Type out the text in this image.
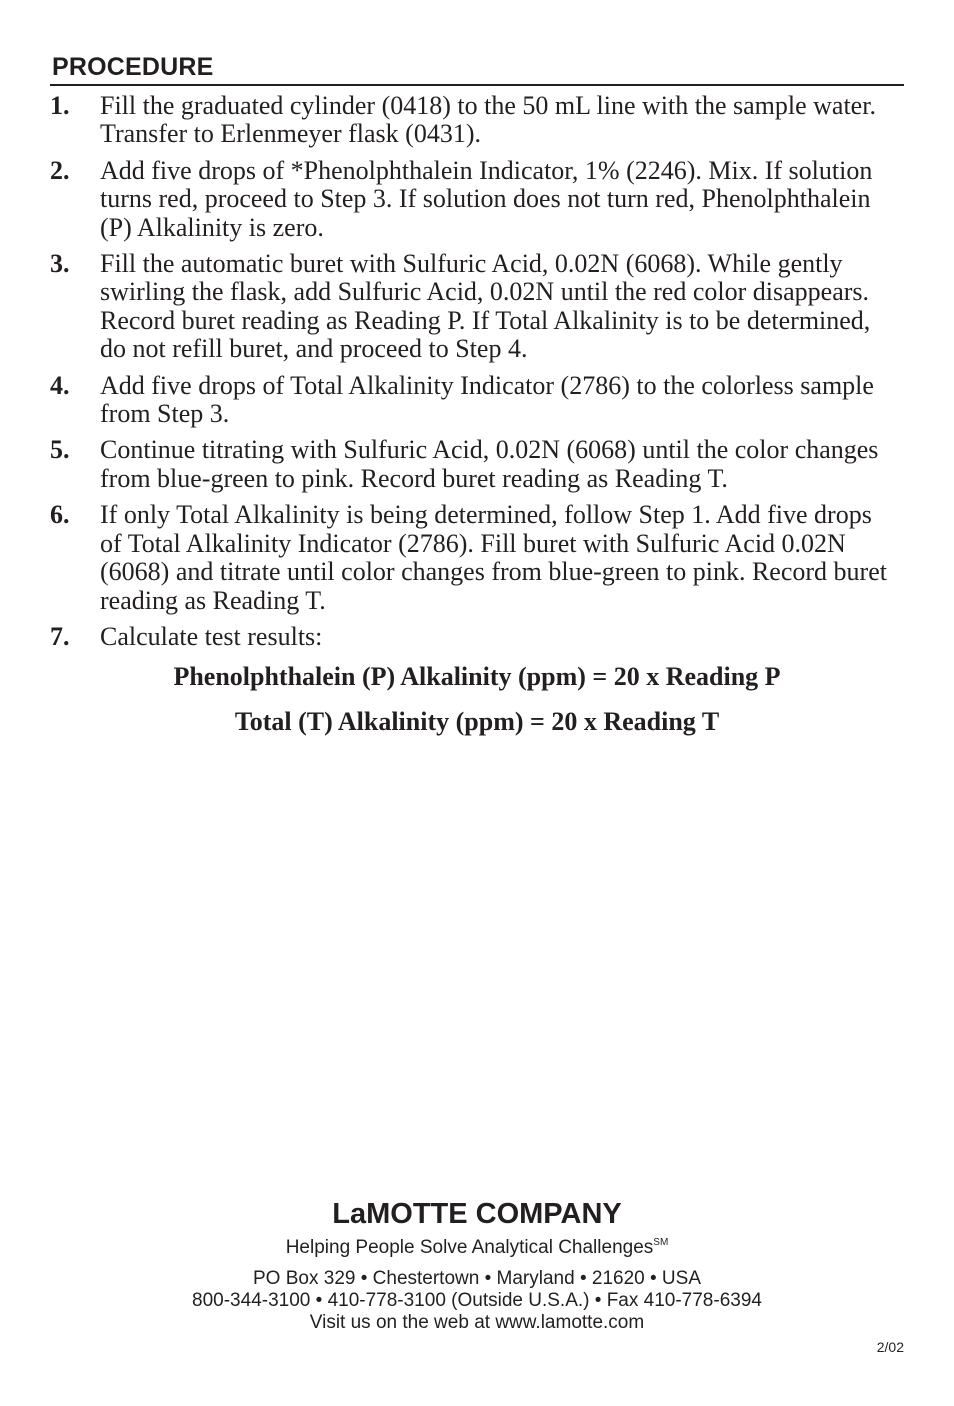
PROCEDURE
1.	Fill the graduated cylinder (0418) to the 50 mL line with the sample water. Transfer to Erlenmeyer flask (0431).
2.	Add five drops of *Phenolphthalein Indicator, 1% (2246). Mix. If solution turns red, proceed to Step 3. If solution does not turn red, Phenolphthalein (P) Alkalinity is zero.
3.	Fill the automatic buret with Sulfuric Acid, 0.02N (6068). While gently swirling the flask, add Sulfuric Acid, 0.02N until the red color disappears. Record buret reading as Reading P. If Total Alkalinity is to be determined, do not refill buret, and proceed to Step 4.
4.	Add five drops of Total Alkalinity Indicator (2786) to the colorless sample from Step 3.
5.	Continue titrating with Sulfuric Acid, 0.02N (6068) until the color changes from blue-green to pink. Record buret reading as Reading T.
6.	If only Total Alkalinity is being determined, follow Step 1. Add five drops of Total Alkalinity Indicator (2786). Fill buret with Sulfuric Acid 0.02N (6068) and titrate until color changes from blue-green to pink. Record buret reading as Reading T.
7.	Calculate test results:
Phenolphthalein (P) Alkalinity (ppm) = 20 x Reading P
Total (T) Alkalinity (ppm) = 20 x Reading T
LaMOTTE COMPANY
Helping People Solve Analytical Challenges℠
PO Box 329 • Chestertown • Maryland • 21620 • USA
800-344-3100 • 410-778-3100 (Outside U.S.A.) • Fax 410-778-6394
Visit us on the web at www.lamotte.com
2/02
